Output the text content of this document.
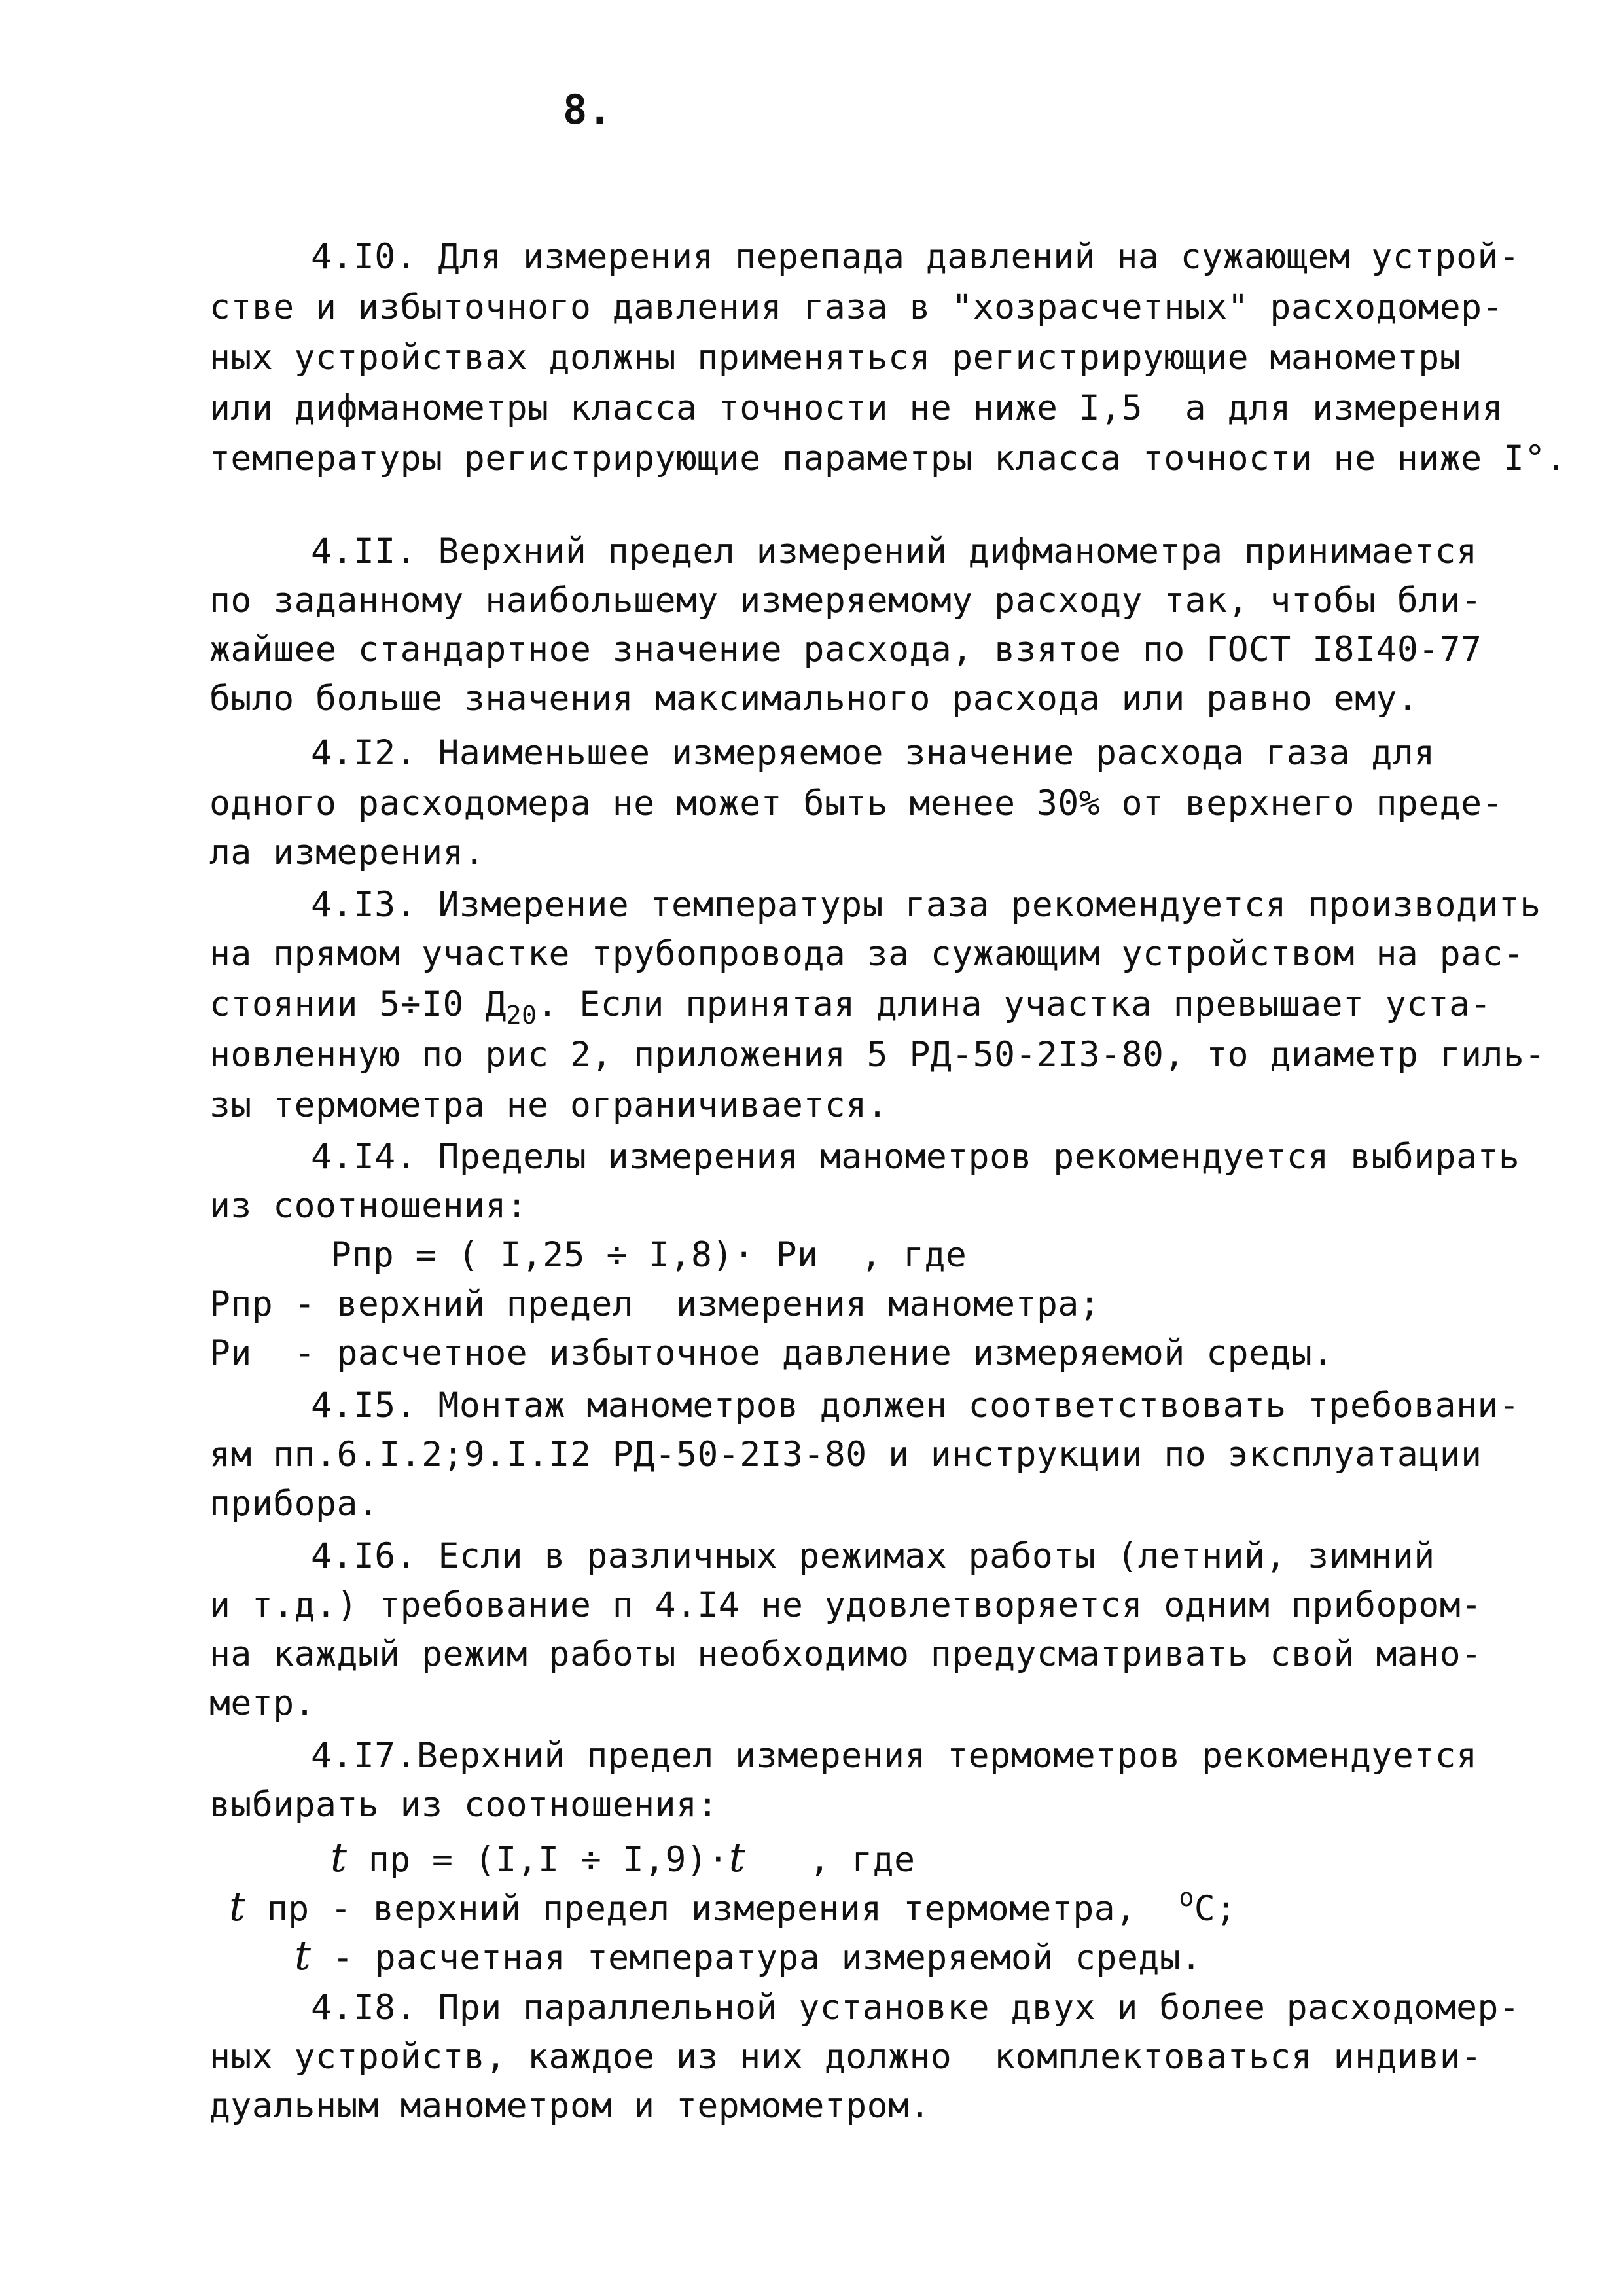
8.
4.I0. Для измерения перепада давлений на сужающем устрой-
стве и избыточного давления газа в "хозрасчетных" расходомер-
ных устройствах должны применяться регистрирующие манометры
или дифманометры класса точности не ниже I,5  а для измерения
температуры регистрирующие параметры класса точности не ниже I°.
4.II. Верхний предел измерений дифманометра принимается
по заданному наибольшему измеряемому расходу так, чтобы бли-
жайшее стандартное значение расхода, взятое по ГОСТ I8I40-77
было больше значения максимального расхода или равно ему.
4.I2. Наименьшее измеряемое значение расхода газа для
одного расходомера не может быть менее 30% от верхнего преде-
ла измерения.
4.I3. Измерение температуры газа рекомендуется производить
на прямом участке трубопровода за сужающим устройством на рас-
стоянии 5÷I0 $Д_{20}$. Если принятая длина участка превышает уста-
новленную по рис 2, приложения 5 РД-50-2I3-80, то диаметр гиль-
зы термометра не ограничивается.
4.I4. Пределы измерения манометров рекомендуется выбирать
из соотношения:
Рпр = ( I,25 ÷ I,8)· Ри  , где
Рпр - верхний предел  измерения манометра;
Ри  - расчетное избыточное давление измеряемой среды.
4.I5. Монтаж манометров должен соответствовать требовани-
ям пп.6.I.2;9.I.I2 РД-50-2I3-80 и инструкции по эксплуатации
прибора.
4.I6. Если в различных режимах работы (летний, зимний
и т.д.) требование п 4.I4 не удовлетворяется одним прибором-
на каждый режим работы необходимо предусматривать свой мано-
метр.
4.I7.Верхний предел измерения термометров рекомендуется
выбирать из соотношения:
t пр = (I,I ÷ I,9)·t   , где
t пр - верхний предел измерения термометра,  $^о$С;
t - расчетная температура измеряемой среды.
4.I8. При параллельной установке двух и более расходомер-
ных устройств, каждое из них должно  комплектоваться индиви-
дуальным манометром и термометром.
